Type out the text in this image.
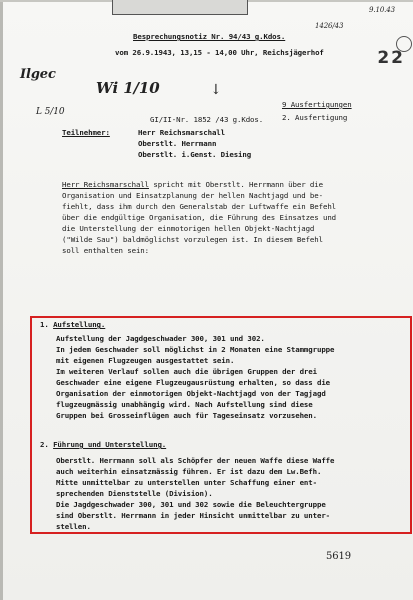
9.10.43
1426/43
22
Besprechungsnotiz Nr. 94/43 g.Kdos.
vom 26.9.1943, 13,15 - 14,00 Uhr, Reichsjägerhof
Ilgec
Wi 1/10
L 5/10
↓
9 Ausfertigungen
2. Ausfertigung
GI/II-Nr. 1852 /43 g.Kdos.
Teilnehmer:	Herr Reichsmarschall
Oberstlt. Herrmann
Oberstlt. i.Genst. Diesing
Herr Reichsmarschall spricht mit Oberstlt. Herrmann über die
Organisation und Einsatzplanung der hellen Nachtjagd und be-
fiehlt, dass ihm durch den Generalstab der Luftwaffe ein Befehl
über die endgültige Organisation, die Führung des Einsatzes und
die Unterstellung der einmotorigen hellen Objekt-Nachtjagd
("Wilde Sau") baldmöglichst vorzulegen ist. In diesem Befehl
soll enthalten sein:
1. Aufstellung.
Aufstellung der Jagdgeschwader 300, 301 und 302.
In jedem Geschwader soll möglichst in 2 Monaten eine Stammgruppe
mit eigenen Flugzeugen ausgestattet sein.
Im weiteren Verlauf sollen auch die übrigen Gruppen der drei
Geschwader eine eigene Flugzeugausrüstung erhalten, so dass die
Organisation der einmotorigen Objekt-Nachtjagd von der Tagjagd
flugzeugmässig unabhängig wird. Nach Aufstellung sind diese
Gruppen bei Grosseinflügen auch für Tageseinsatz vorzusehen.
2. Führung und Unterstellung.
Oberstlt. Herrmann soll als Schöpfer der neuen Waffe diese Waffe
auch weiterhin einsatzmässig führen. Er ist dazu dem Lw.Befh.
Mitte unmittelbar zu unterstellen unter Schaffung einer ent-
sprechenden Dienststelle (Division).
Die Jagdgeschwader 300, 301 und 302 sowie die Beleuchtergruppe
sind Oberstlt. Herrmann in jeder Hinsicht unmittelbar zu unter-
5619
stellen.
